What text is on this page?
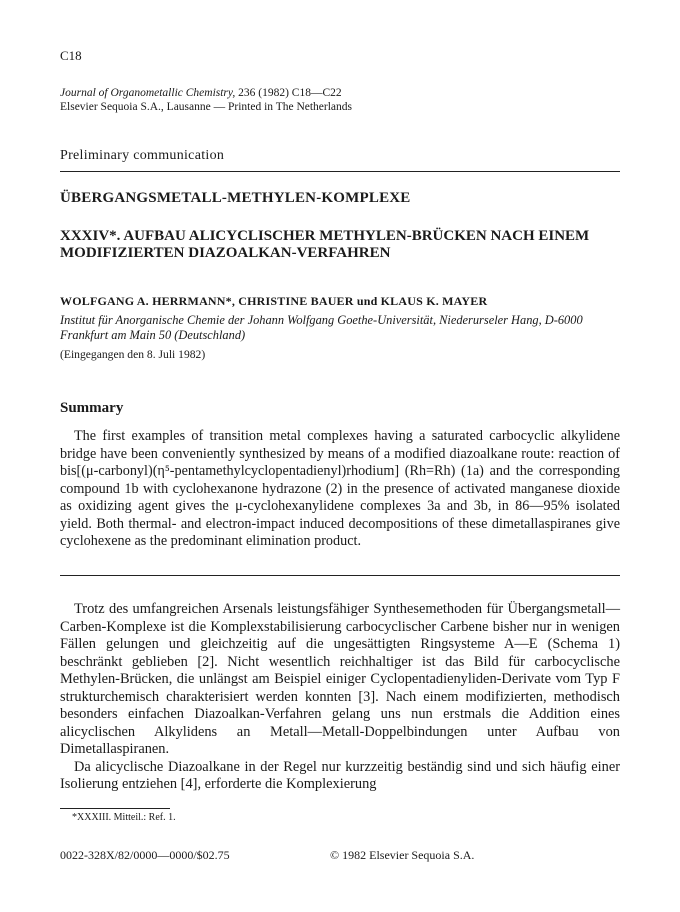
C18
Journal of Organometallic Chemistry, 236 (1982) C18—C22
Elsevier Sequoia S.A., Lausanne — Printed in The Netherlands
Preliminary communication
ÜBERGANGSMETALL-METHYLEN-KOMPLEXE
XXXIV*. AUFBAU ALICYCLISCHER METHYLEN-BRÜCKEN NACH EINEM MODIFIZIERTEN DIAZOALKAN-VERFAHREN
WOLFGANG A. HERRMANN*, CHRISTINE BAUER und KLAUS K. MAYER
Institut für Anorganische Chemie der Johann Wolfgang Goethe-Universität, Niederurseler Hang, D-6000 Frankfurt am Main 50 (Deutschland)
(Eingegangen den 8. Juli 1982)
Summary

The first examples of transition metal complexes having a saturated carbocyclic alkylidene bridge have been conveniently synthesized by means of a modified diazoalkane route: reaction of bis[(μ-carbonyl)(η⁵-pentamethylcyclopentadienyl)rhodium] (Rh=Rh) (1a) and the corresponding compound 1b with cyclohexanone hydrazone (2) in the presence of activated manganese dioxide as oxidizing agent gives the μ-cyclohexanylidene complexes 3a and 3b, in 86—95% isolated yield. Both thermal- and electron-impact induced decompositions of these dimetallaspiranes give cyclohexene as the predominant elimination product.

Trotz des umfangreichen Arsenals leistungsfähiger Synthesemethoden für Übergangsmetall—Carben-Komplexe ist die Komplexstabilisierung carbocyclischer Carbene bisher nur in wenigen Fällen gelungen und gleichzeitig auf die ungesättigten Ringsysteme A—E (Schema 1) beschränkt geblieben [2]. Nicht wesentlich reichhaltiger ist das Bild für carbocyclische Methylen-Brücken, die unlängst am Beispiel einiger Cyclopentadienyliden-Derivate vom Typ F strukturchemisch charakterisiert werden konnten [3]. Nach einem modifizierten, methodisch besonders einfachen Diazoalkan-Verfahren gelang uns nun erstmals die Addition eines alicyclischen Alkylidens an Metall—Metall-Doppelbindungen unter Aufbau von Dimetallaspiranen.

Da alicyclische Diazoalkane in der Regel nur kurzzeitig beständig sind und sich häufig einer Isolierung entziehen [4], erforderte die Komplexierung

*XXXIII. Mitteil.: Ref. 1.
0022-328X/82/0000—0000/$02.75	© 1982 Elsevier Sequoia S.A.
